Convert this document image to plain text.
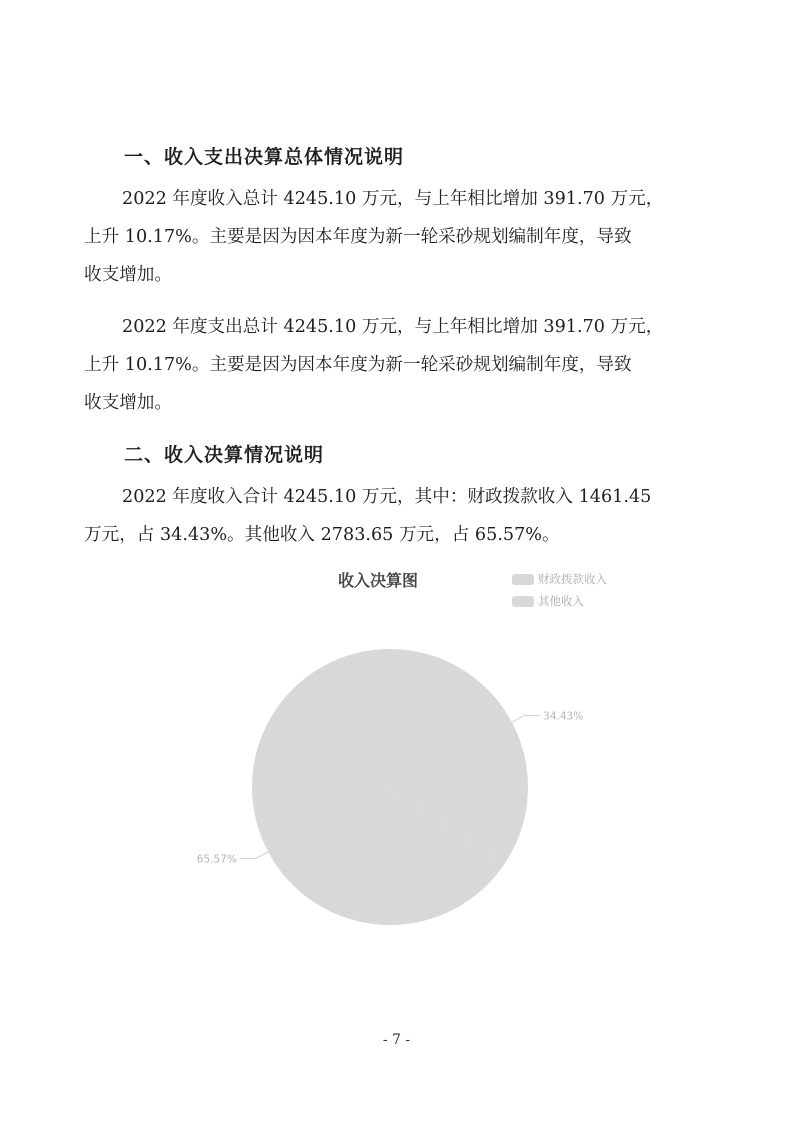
一、收入支出决算总体情况说明

2022 年度收入总计 4245.10 万元，与上年相比增加 391.70 万元，
上升 10.17%。主要是因为因本年度为新一轮采砂规划编制年度，导致
收支增加。

2022 年度支出总计 4245.10 万元，与上年相比增加 391.70 万元，
上升 10.17%。主要是因为因本年度为新一轮采砂规划编制年度，导致
收支增加。

二、收入决算情况说明

2022 年度收入合计 4245.10 万元，其中：财政拨款收入 1461.45
万元，占 34.43%。其他收入 2783.65 万元，占 65.57%。

收入决算图	财政拨款收入
其他收入
34.43%
65.57%
- 7 -
